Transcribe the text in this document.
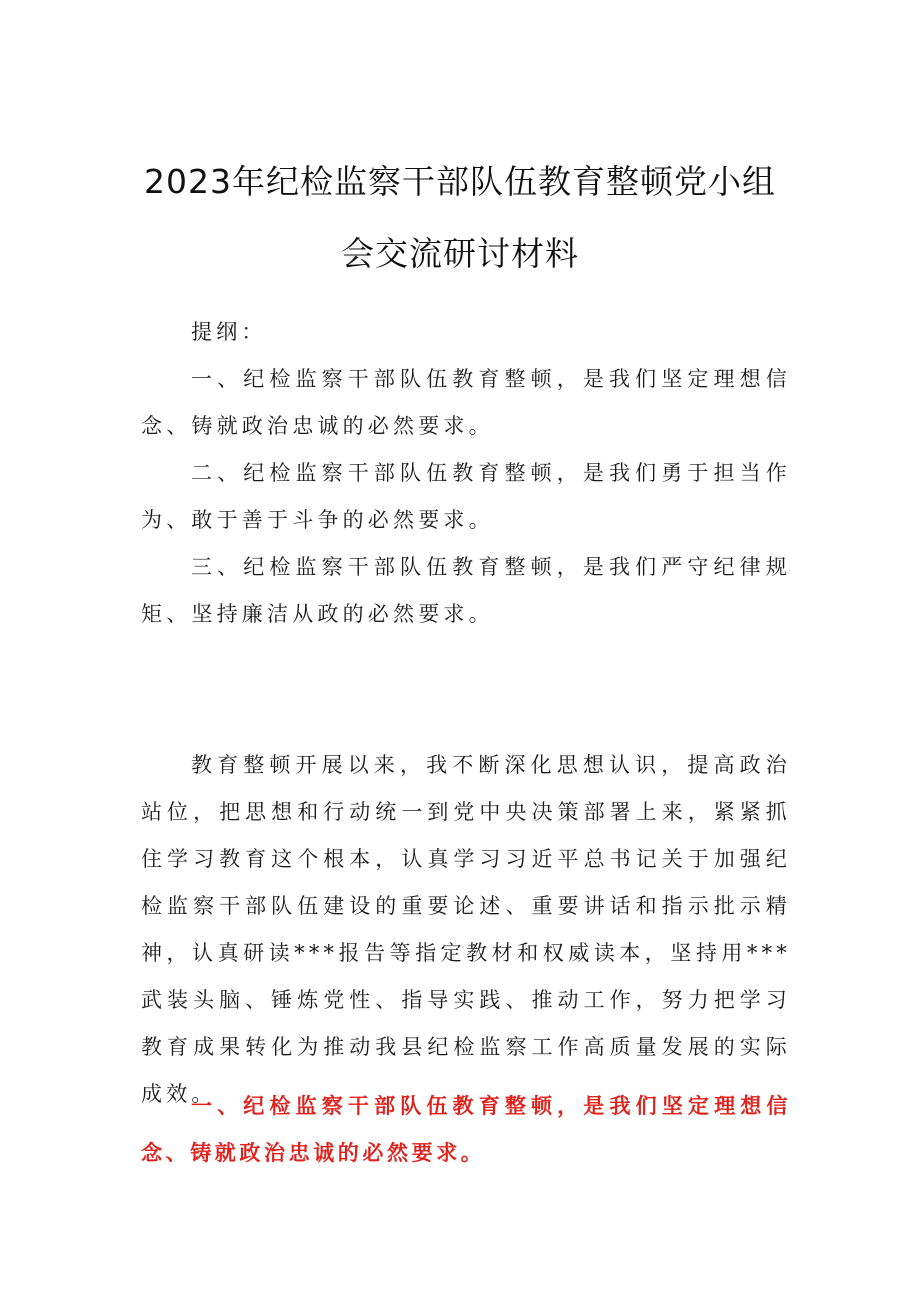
2023年纪检监察干部队伍教育整顿党小组
会交流研讨材料

提纲：

一、纪检监察干部队伍教育整顿，是我们坚定理想信念、铸就政治忠诚的必然要求。

二、纪检监察干部队伍教育整顿，是我们勇于担当作为、敢于善于斗争的必然要求。

三、纪检监察干部队伍教育整顿，是我们严守纪律规矩、坚持廉洁从政的必然要求。

教育整顿开展以来，我不断深化思想认识，提高政治站位，把思想和行动统一到党中央决策部署上来，紧紧抓住学习教育这个根本，认真学习习近平总书记关于加强纪检监察干部队伍建设的重要论述、重要讲话和指示批示精神，认真研读***报告等指定教材和权威读本，坚持用***武装头脑、锤炼党性、指导实践、推动工作，努力把学习教育成果转化为推动我县纪检监察工作高质量发展的实际成效。

一、纪检监察干部队伍教育整顿，是我们坚定理想信念、铸就政治忠诚的必然要求。
